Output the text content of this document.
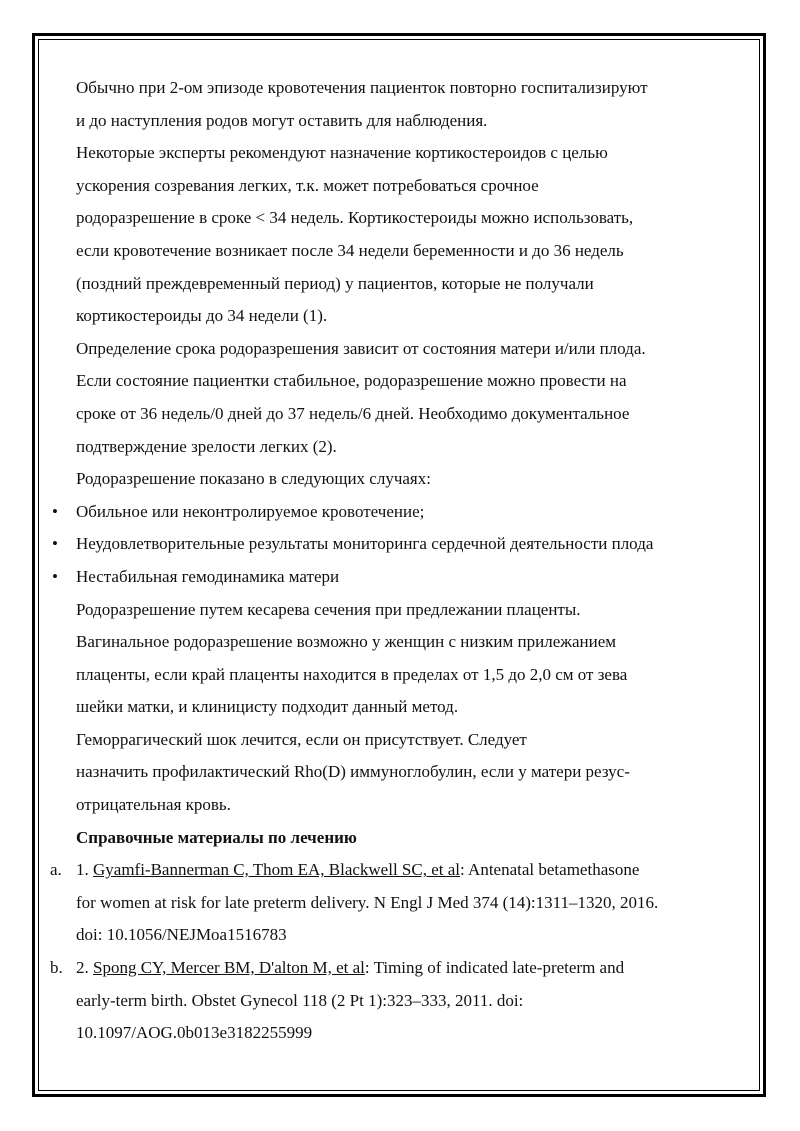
Обычно при 2-ом эпизоде кровотечения пациенток повторно госпитализируют
и до наступления родов могут оставить для наблюдения.
Некоторые эксперты рекомендуют назначение кортикостероидов с целью
ускорения созревания легких, т.к. может потребоваться срочное
родоразрешение в сроке < 34 недель. Кортикостероиды можно использовать,
если кровотечение возникает после 34 недели беременности и до 36 недель
(поздний преждевременный период) у пациентов, которые не получали
кортикостероиды до 34 недели (1).
Определение срока родоразрешения зависит от состояния матери и/или плода.
Если состояние пациентки стабильное, родоразрешение можно провести на
сроке от 36 недель/0 дней до 37 недель/6 дней. Необходимо документальное
подтверждение зрелости легких (2).
Родоразрешение показано в следующих случаях:
• Обильное или неконтролируемое кровотечение;
• Неудовлетворительные результаты мониторинга сердечной деятельности плода
• Нестабильная гемодинамика матери
Родоразрешение путем кесарева сечения при предлежании плаценты.
Вагинальное родоразрешение возможно у женщин с низким прилежанием
плаценты, если край плаценты находится в пределах от 1,5 до 2,0 см от зева
шейки матки, и клиницисту подходит данный метод.
Геморрагический шок лечится, если он присутствует. Следует
назначить профилактический Rho(D) иммуноглобулин, если у матери резус-
отрицательная кровь.
Справочные материалы по лечению
a. 1. Gyamfi-Bannerman C, Thom EA, Blackwell SC, et al: Antenatal betamethasone
for women at risk for late preterm delivery. N Engl J Med 374 (14):1311–1320, 2016.
doi: 10.1056/NEJMoa1516783
b. 2. Spong CY, Mercer BM, D'alton M, et al: Timing of indicated late-preterm and
early-term birth. Obstet Gynecol 118 (2 Pt 1):323–333, 2011. doi:
10.1097/AOG.0b013e3182255999
